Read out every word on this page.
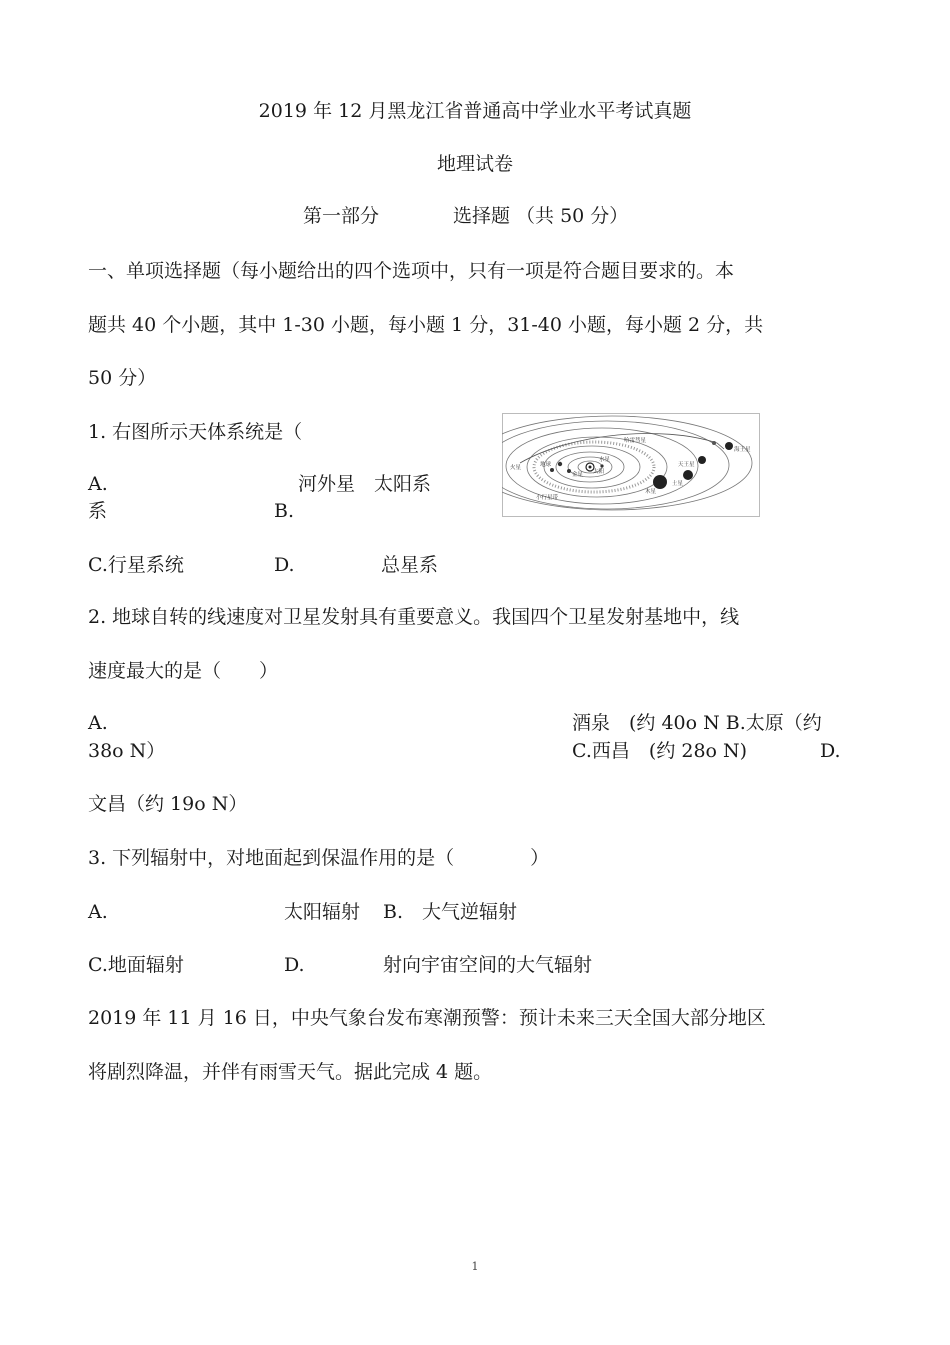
2019 年 12 月黑龙江省普通高中学业水平考试真题
地理试卷
第一部分	选择题 （共 50 分）
一、单项选择题（每小题给出的四个选项中，只有一项是符合题目要求的。本
题共 40 个小题，其中 1-30 小题，每小题 1 分，31-40 小题，每小题 2 分，共
50 分）
1. 右图所示天体系统是（
A.	河外星　太阳系
系	B.
C.行星系统	D.	总星系
太阳
水星
金星
地球
火星
木星
土星
天王星
海王星
小行星带
哈雷彗星
2. 地球自转的线速度对卫星发射具有重要意义。我国四个卫星发射基地中，线
速度最大的是（　　）
A.	酒泉　(约 40o N B.太原（约
38o N）	C.西昌　(约 28o N)	D.
文昌（约 19o N）
3. 下列辐射中，对地面起到保温作用的是（　　　　）
A.	太阳辐射 B.　大气逆辐射
C.地面辐射	D.	射向宇宙空间的大气辐射
2019 年 11 月 16 日，中央气象台发布寒潮预警：预计未来三天全国大部分地区
将剧烈降温，并伴有雨雪天气。据此完成 4 题。
1
